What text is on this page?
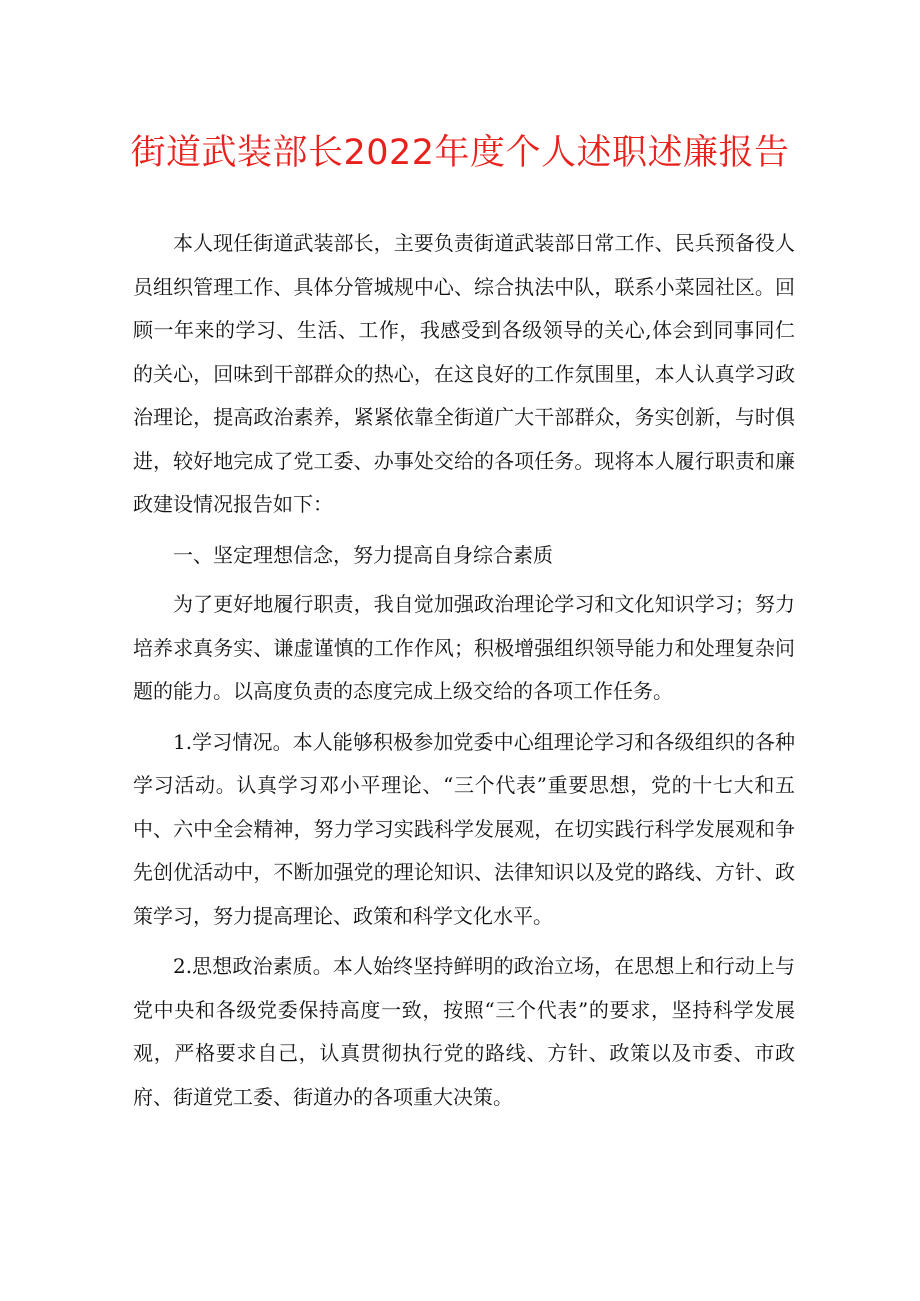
街道武装部长2022年度个人述职述廉报告

本人现任街道武装部长，主要负责街道武装部日常工作、民兵预备役人员组织管理工作、具体分管城规中心、综合执法中队，联系小菜园社区。回顾一年来的学习、生活、工作，我感受到各级领导的关心,体会到同事同仁的关心，回味到干部群众的热心，在这良好的工作氛围里，本人认真学习政治理论，提高政治素养，紧紧依靠全街道广大干部群众，务实创新，与时俱进，较好地完成了党工委、办事处交给的各项任务。现将本人履行职责和廉政建设情况报告如下：

一、坚定理想信念，努力提高自身综合素质

为了更好地履行职责，我自觉加强政治理论学习和文化知识学习；努力培养求真务实、谦虚谨慎的工作作风；积极增强组织领导能力和处理复杂问题的能力。以高度负责的态度完成上级交给的各项工作任务。

1.学习情况。本人能够积极参加党委中心组理论学习和各级组织的各种学习活动。认真学习邓小平理论、“三个代表”重要思想，党的十七大和五中、六中全会精神，努力学习实践科学发展观，在切实践行科学发展观和争先创优活动中，不断加强党的理论知识、法律知识以及党的路线、方针、政策学习，努力提高理论、政策和科学文化水平。

2.思想政治素质。本人始终坚持鲜明的政治立场，在思想上和行动上与党中央和各级党委保持高度一致，按照“三个代表”的要求，坚持科学发展观，严格要求自己，认真贯彻执行党的路线、方针、政策以及市委、市政府、街道党工委、街道办的各项重大决策。
